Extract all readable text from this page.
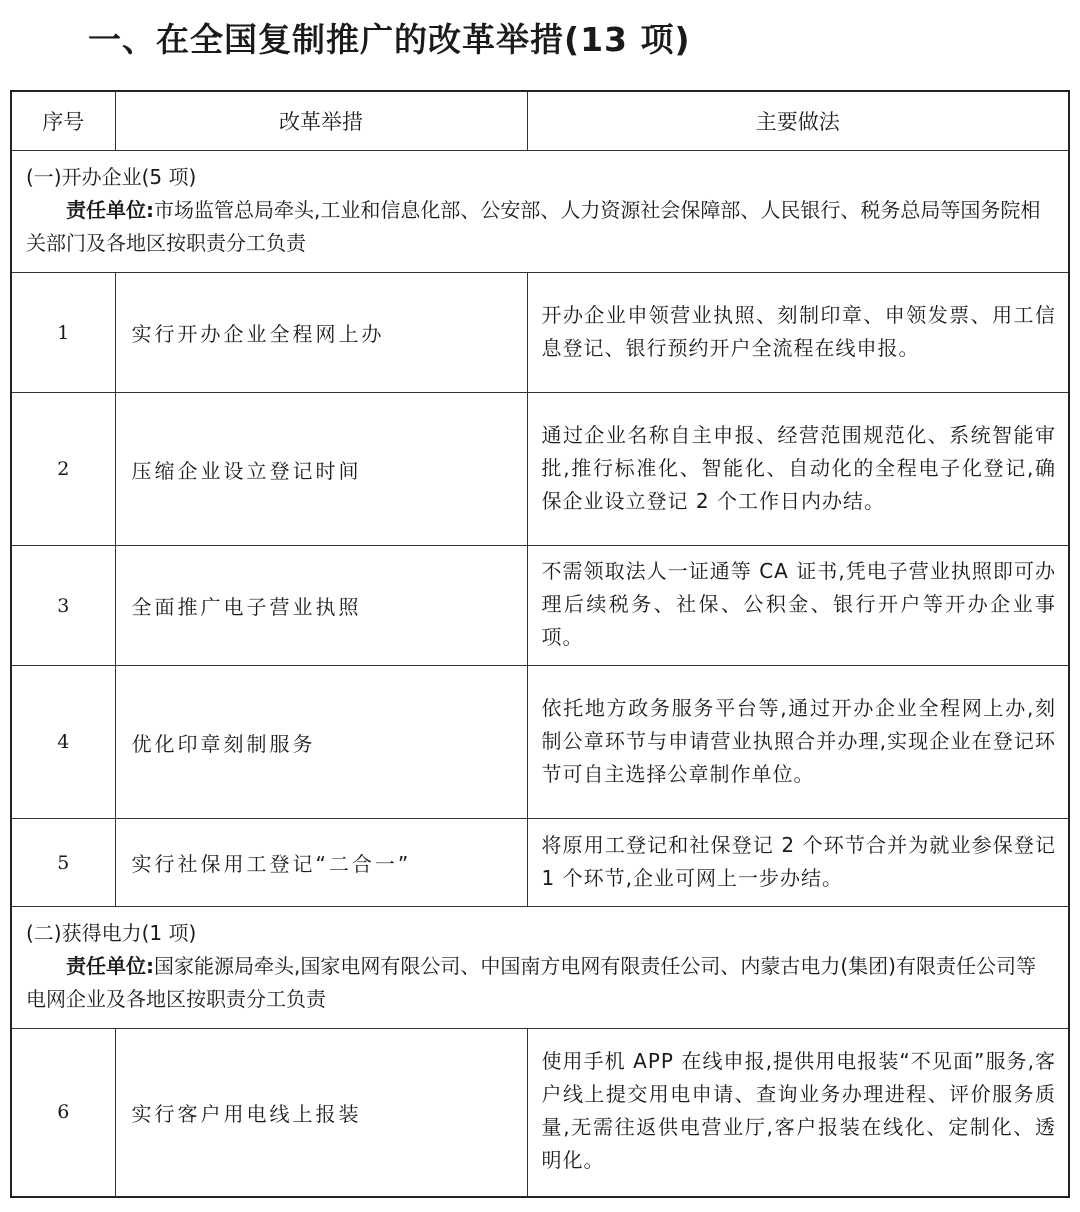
一、在全国复制推广的改革举措(13 项)
序号	改革举措	主要做法

(一)开办企业(5 项)
责任单位:市场监管总局牵头,工业和信息化部、公安部、人力资源社会保障部、人民银行、税务总局等国务院相关部门及各地区按职责分工负责		

1	实行开办企业全程网上办	开办企业申领营业执照、刻制印章、申领发票、用工信息登记、银行预约开户全流程在线申报。
2	压缩企业设立登记时间	通过企业名称自主申报、经营范围规范化、系统智能审批,推行标准化、智能化、自动化的全程电子化登记,确保企业设立登记 2 个工作日内办结。
3	全面推广电子营业执照	不需领取法人一证通等 CA 证书,凭电子营业执照即可办理后续税务、社保、公积金、银行开户等开办企业事项。
4	优化印章刻制服务	依托地方政务服务平台等,通过开办企业全程网上办,刻制公章环节与申请营业执照合并办理,实现企业在登记环节可自主选择公章制作单位。
5	实行社保用工登记“二合一”	将原用工登记和社保登记 2 个环节合并为就业参保登记 1 个环节,企业可网上一步办结。

(二)获得电力(1 项)
责任单位:国家能源局牵头,国家电网有限公司、中国南方电网有限责任公司、内蒙古电力(集团)有限责任公司等电网企业及各地区按职责分工负责		

6	实行客户用电线上报装	使用手机 APP 在线申报,提供用电报装“不见面”服务,客户线上提交用电申请、查询业务办理进程、评价服务质量,无需往返供电营业厅,客户报装在线化、定制化、透明化。
